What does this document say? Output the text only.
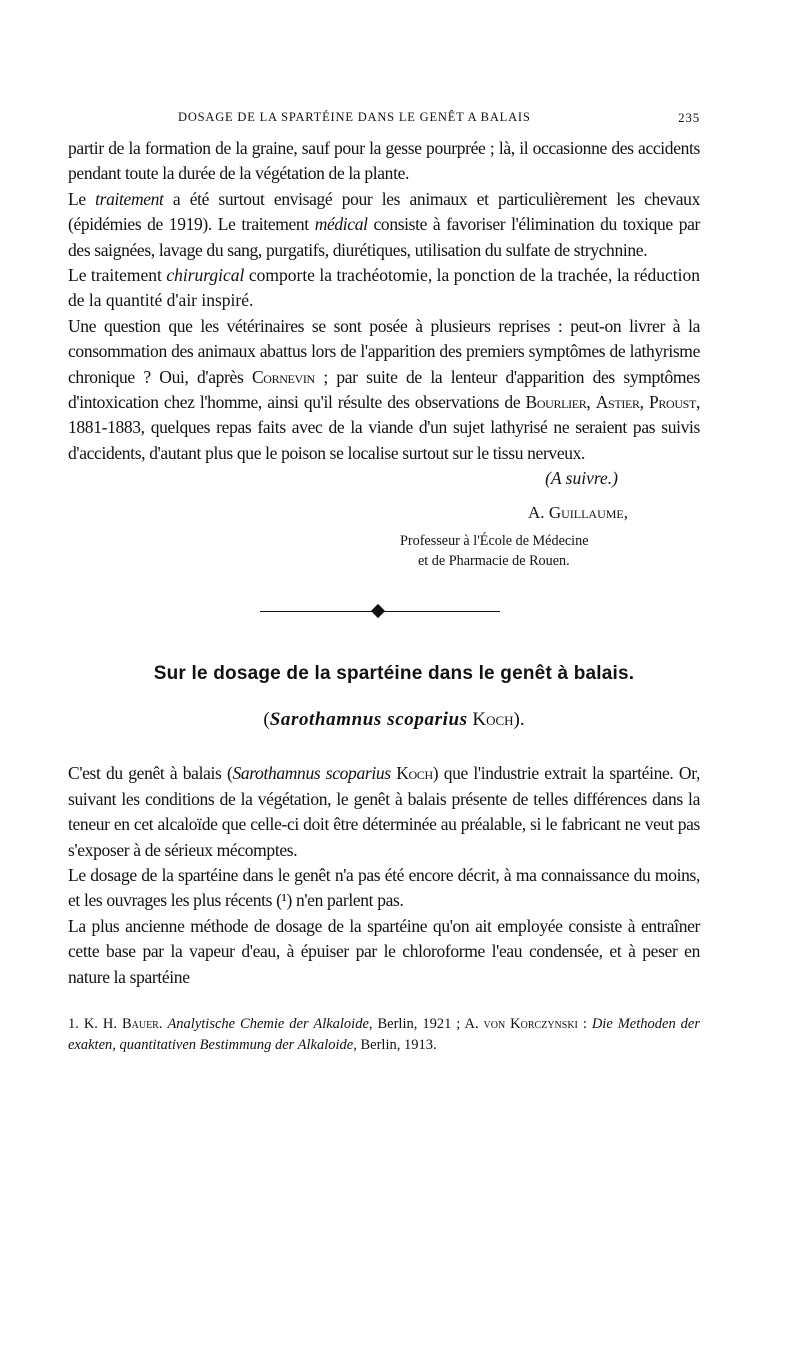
DOSAGE DE LA SPARTÉINE DANS LE GENÊT A BALAIS	235

partir de la formation de la graine, sauf pour la gesse pourprée ; là, il occasionne des accidents pendant toute la durée de la végétation de la plante.

Le traitement a été surtout envisagé pour les animaux et particulièrement les chevaux (épidémies de 1919). Le traitement médical consiste à favoriser l'élimination du toxique par des saignées, lavage du sang, purgatifs, diurétiques, utilisation du sulfate de strychnine.

Le traitement chirurgical comporte la trachéotomie, la ponction de la trachée, la réduction de la quantité d'air inspiré.

Une question que les vétérinaires se sont posée à plusieurs reprises : peut-on livrer à la consommation des animaux abattus lors de l'apparition des premiers symptômes de lathyrisme chronique ? Oui, d'après Cornevin ; par suite de la lenteur d'apparition des symptômes d'intoxication chez l'homme, ainsi qu'il résulte des observations de Bourlier, Astier, Proust, 1881-1883, quelques repas faits avec de la viande d'un sujet lathyrisé ne seraient pas suivis d'accidents, d'autant plus que le poison se localise surtout sur le tissu nerveux.

(A suivre.)
A. Guillaume,
Professeur à l'École de Médecine
et de Pharmacie de Rouen.
Sur le dosage de la spartéine dans le genêt à balais.
(Sarothamnus scoparius Koch).

C'est du genêt à balais (Sarothamnus scoparius Koch) que l'industrie extrait la spartéine. Or, suivant les conditions de la végétation, le genêt à balais présente de telles différences dans la teneur en cet alcaloïde que celle-ci doit être déterminée au préalable, si le fabricant ne veut pas s'exposer à de sérieux mécomptes.

Le dosage de la spartéine dans le genêt n'a pas été encore décrit, à ma connaissance du moins, et les ouvrages les plus récents (¹) n'en parlent pas.

La plus ancienne méthode de dosage de la spartéine qu'on ait employée consiste à entraîner cette base par la vapeur d'eau, à épuiser par le chloroforme l'eau condensée, et à peser en nature la spartéine

1. K. H. Bauer. Analytische Chemie der Alkaloide, Berlin, 1921 ; A. von Korczynski : Die Methoden der exakten, quantitativen Bestimmung der Alkaloide, Berlin, 1913.
